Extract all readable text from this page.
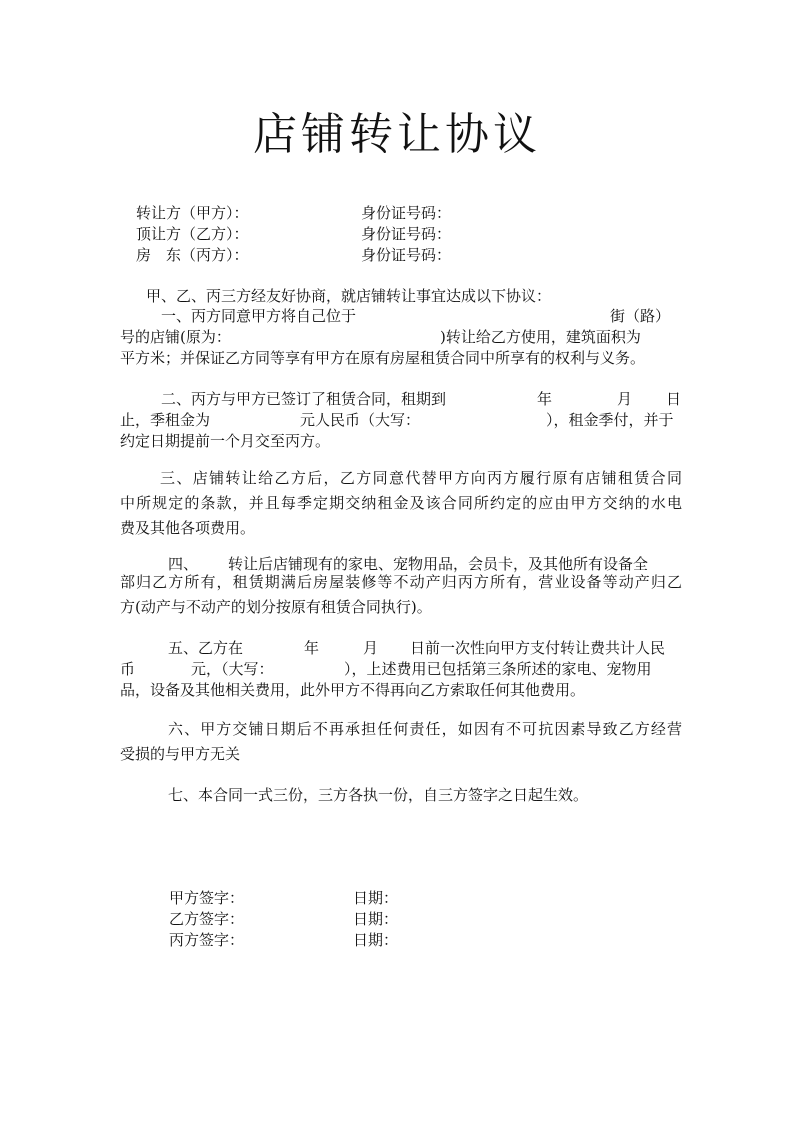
店铺转让协议
转让方（甲方）：	身份证号码：
顶让方（乙方）：	身份证号码：
房　东（丙方）：	身份证号码：
甲、乙、丙三方经友好协商，就店铺转让事宜达成以下协议：
一、丙方同意甲方将自己位于	街（路）
号的店铺(原为：	)转让给乙方使用，建筑面积为
平方米；并保证乙方同等享有甲方在原有房屋租赁合同中所享有的权利与义务。
二、丙方与甲方已签订了租赁合同，租期到	年	月 日
止，季租金为	元人民币（大写：	），租金季付，并于
约定日期提前一个月交至丙方。
三、店铺转让给乙方后，乙方同意代替甲方向丙方履行原有店铺租赁合同
中所规定的条款，并且每季定期交纳租金及该合同所约定的应由甲方交纳的水电
费及其他各项费用。
四、 转让后店铺现有的家电、宠物用品，会员卡，及其他所有设备全
部归乙方所有，租赁期满后房屋装修等不动产归丙方所有，营业设备等动产归乙
方(动产与不动产的划分按原有租赁合同执行)。
五、乙方在	年	月 日前一次性向甲方支付转让费共计人民
币	元，（大写：	），上述费用已包括第三条所述的家电、宠物用
品，设备及其他相关费用，此外甲方不得再向乙方索取任何其他费用。
六、甲方交铺日期后不再承担任何责任，如因有不可抗因素导致乙方经营
受损的与甲方无关
七、本合同一式三份，三方各执一份，自三方签字之日起生效。
甲方签字：	日期：
乙方签字：	日期：
丙方签字：	日期：
